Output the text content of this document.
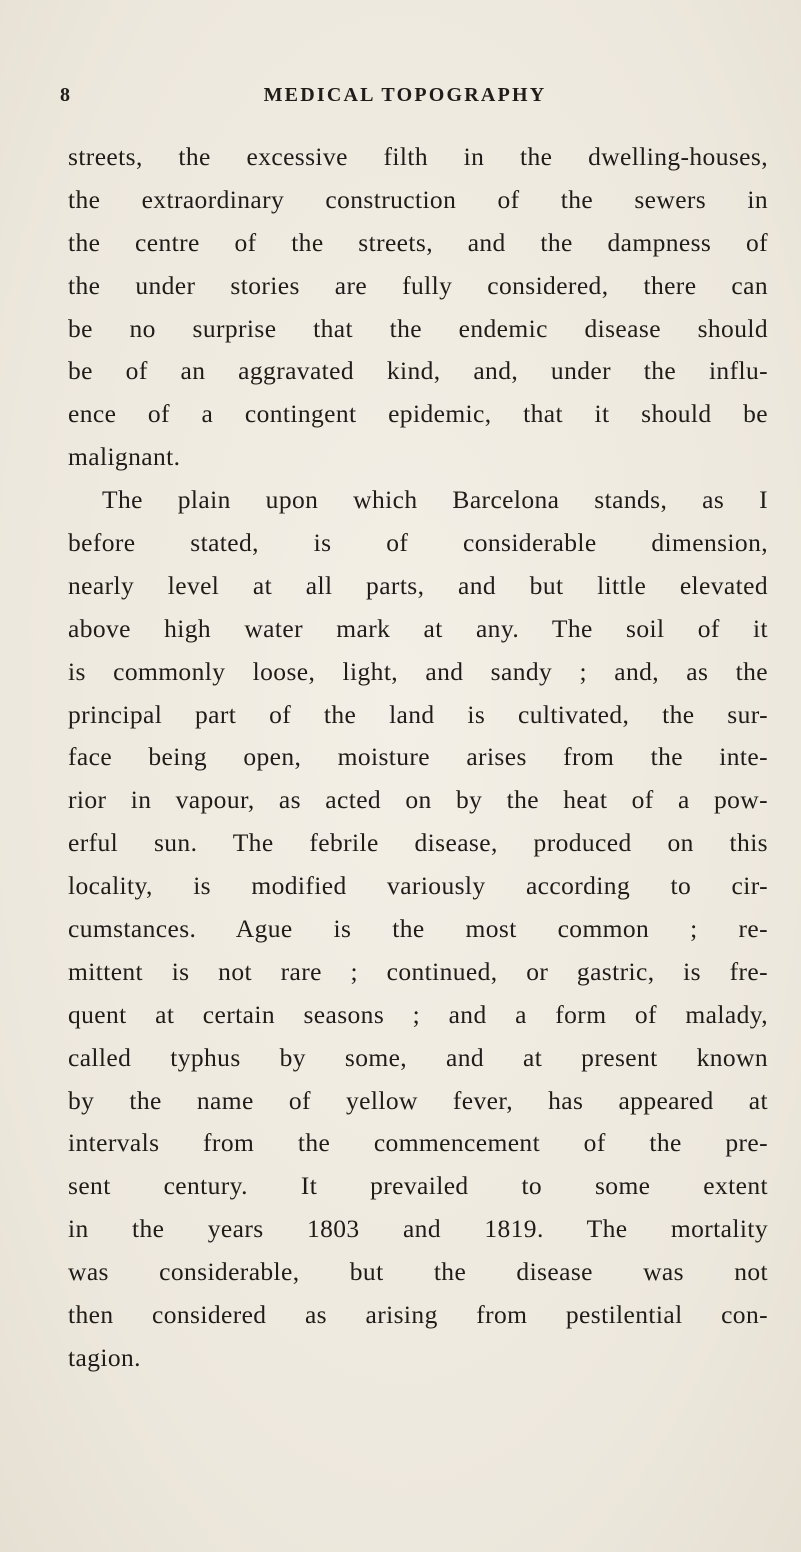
8	MEDICAL TOPOGRAPHY
streets, the excessive filth in the dwelling-houses,
the extraordinary construction of the sewers in
the centre of the streets, and the dampness of
the under stories are fully considered, there can
be no surprise that the endemic disease should
be of an aggravated kind, and, under the influ-
ence of a contingent epidemic, that it should be
malignant.
The plain upon which Barcelona stands, as I
before stated, is of considerable dimension,
nearly level at all parts, and but little elevated
above high water mark at any. The soil of it
is commonly loose, light, and sandy ; and, as the
principal part of the land is cultivated, the sur-
face being open, moisture arises from the inte-
rior in vapour, as acted on by the heat of a pow-
erful sun. The febrile disease, produced on this
locality, is modified variously according to cir-
cumstances. Ague is the most common ; re-
mittent is not rare ; continued, or gastric, is fre-
quent at certain seasons ; and a form of malady,
called typhus by some, and at present known
by the name of yellow fever, has appeared at
intervals from the commencement of the pre-
sent century. It prevailed to some extent
in the years 1803 and 1819. The mortality
was considerable, but the disease was not
then considered as arising from pestilential con-
tagion.
